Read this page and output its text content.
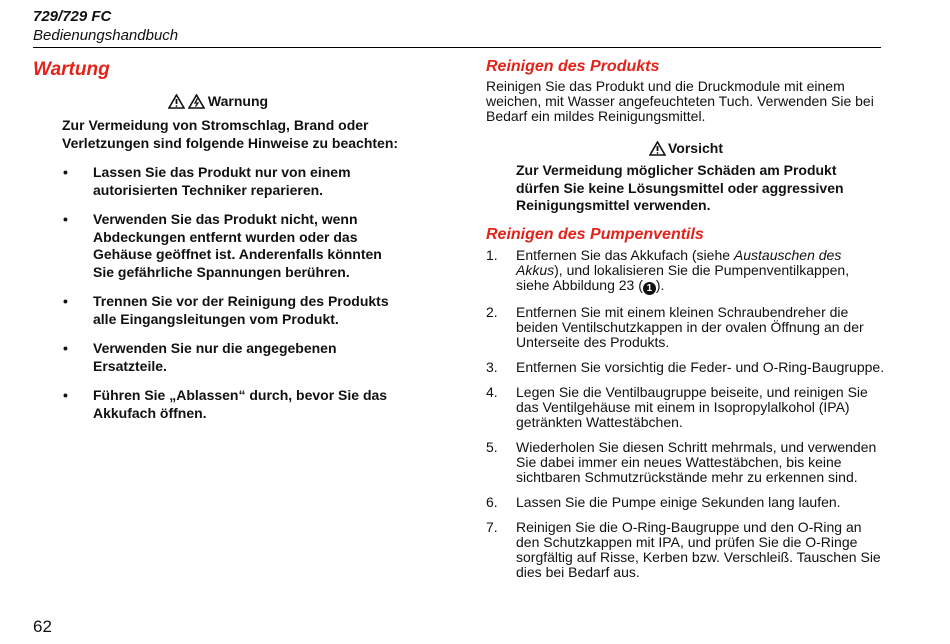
729/729 FC
Bedienungshandbuch
Wartung
Warnung

Zur Vermeidung von Stromschlag, Brand oder Verletzungen sind folgende Hinweise zu beachten:

• Lassen Sie das Produkt nur von einem autorisierten Techniker reparieren.
• Verwenden Sie das Produkt nicht, wenn Abdeckungen entfernt wurden oder das Gehäuse geöffnet ist. Anderenfalls könnten Sie gefährliche Spannungen berühren.
• Trennen Sie vor der Reinigung des Produkts alle Eingangsleitungen vom Produkt.
• Verwenden Sie nur die angegebenen Ersatzteile.
• Führen Sie „Ablassen“ durch, bevor Sie das Akkufach öffnen.
Reinigen des Produkts

Reinigen Sie das Produkt und die Druckmodule mit einem weichen, mit Wasser angefeuchteten Tuch. Verwenden Sie bei Bedarf ein mildes Reinigungsmittel.

Vorsicht

Zur Vermeidung möglicher Schäden am Produkt dürfen Sie keine Lösungsmittel oder aggressiven Reinigungsmittel verwenden.

Reinigen des Pumpenventils
1. Entfernen Sie das Akkufach (siehe Austauschen des Akkus), und lokalisieren Sie die Pumpenventilkappen, siehe Abbildung 23 ( 1 ).
2. Entfernen Sie mit einem kleinen Schraubendreher die beiden Ventilschutzkappen in der ovalen Öffnung an der Unterseite des Produkts.
3. Entfernen Sie vorsichtig die Feder- und O-Ring-Baugruppe.
4. Legen Sie die Ventilbaugruppe beiseite, und reinigen Sie das Ventilgehäuse mit einem in Isopropylalkohol (IPA) getränkten Wattestäbchen.
5. Wiederholen Sie diesen Schritt mehrmals, und verwenden Sie dabei immer ein neues Wattestäbchen, bis keine sichtbaren Schmutzrückstände mehr zu erkennen sind.
6. Lassen Sie die Pumpe einige Sekunden lang laufen.
7. Reinigen Sie die O-Ring-Baugruppe und den O-Ring an den Schutzkappen mit IPA, und prüfen Sie die O-Ringe sorgfältig auf Risse, Kerben bzw. Verschleiß. Tauschen Sie dies bei Bedarf aus.
62
